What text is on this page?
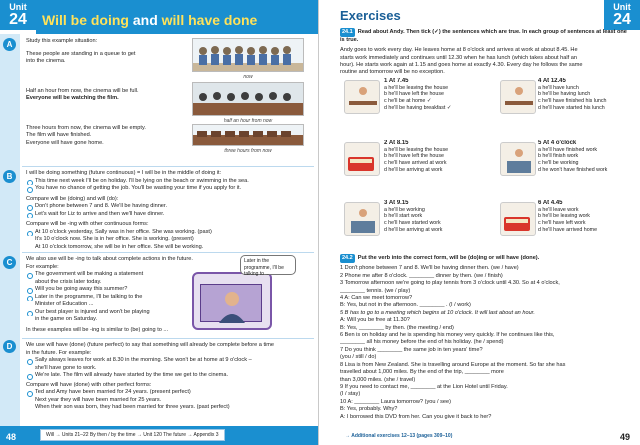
Will be doing and will have done
Unit
24
A
B
C
D
Study this example situation:
These people are standing in a queue to get
into the cinema.
Half an hour from now, the cinema will be full.
Everyone will be watching the film.
Three hours from now, the cinema will be empty.
The film will have finished.
Everyone will have gone home.
now
half an hour from now
three hours from now
I will be doing something (future continuous) = I will be in the middle of doing it:
This time next week I'll be on holiday. I'll be lying on the beach or swimming in the sea.
You have no chance of getting the job. You'll be wasting your time if you apply for it.
Compare will be (doing) and will (do):
Don't phone between 7 and 8. We'll be having dinner.
Let's wait for Liz to arrive and then we'll have dinner.
Compare will be -ing with other continuous forms:
At 10 o'clock yesterday, Sally was in her office. She was working. (past)
It's 10 o'clock now. She is in her office. She is working. (present)
At 10 o'clock tomorrow, she will be in her office. She will be working.
We also use will be -ing to talk about complete actions in the future.
For example:
The government will be making a statement
about the crisis later today.
Will you be going away this summer?
Later in the programme, I'll be talking to the
Minister of Education ...
Our best player is injured and won't be playing
in the game on Saturday.
In these examples will be -ing is similar to (be) going to ...
Later in the programme, I'll be talking to ...
We use will have (done) (future perfect) to say that something will already be complete before a time
in the future. For example:
Sally always leaves for work at 8.30 in the morning. She won't be at home at 9 o'clock –
she'll have gone to work.
We're late. The film will already have started by the time we get to the cinema.
Compare will have (done) with other perfect forms:
Ted and Amy have been married for 24 years. (present perfect)
Next year they will have been married for 25 years.
When their son was born, they had been married for three years. (past perfect)
48	Will → Units 21–22 By then / by the time → Unit 120 The future → Appendix 3
Exercises
Unit
24
24.1 Read about Andy. Then tick (✓) the sentences which are true. In each group of sentences at least one is true.
Andy goes to work every day. He leaves home at 8 o'clock and arrives at work at about 8.45. He
starts work immediately and continues until 12.30 when he has lunch (which takes about half an
hour). He starts work again at 1.15 and goes home at exactly 4.30. Every day he follows the same
routine and tomorrow will be no exception.
1 At 7.45
a he'll be leaving the house
b he'll have left the house
c he'll be at home ✓
d he'll be having breakfast ✓
4 At 12.45
a he'll have lunch
b he'll be having lunch
c he'll have finished his lunch
d he'll have started his lunch
2 At 8.15
a he'll be leaving the house
b he'll have left the house
c he'll have arrived at work
d he'll be arriving at work
5 At 4 o'clock
a he'll have finished work
b he'll finish work
c he'll be working
d he won't have finished work
3 At 9.15
a he'll be working
b he'll start work
c he'll have started work
d he'll be arriving at work
6 At 4.45
a he'll leave work
b he'll be leaving work
c he'll have left work
d he'll have arrived home
24.2 Put the verb into the correct form, will be (do)ing or will have (done).
1 Don't phone between 7 and 8. We'll be having dinner then. (we / have)
2 Phone me after 8 o'clock. ________ dinner by then. (we / finish)
3 Tomorrow afternoon we're going to play tennis from 3 o'clock until 4.30. So at 4 o'clock,
________ tennis. (we / play)
4 A: Can we meet tomorrow?
B: Yes, but not in the afternoon. ________ . (I / work)
5 B has to go to a meeting which begins at 10 o'clock. It will last about an hour.
A: Will you be free at 11.30?
B: Yes, ________ by then. (the meeting / end)
6 Ben is on holiday and he is spending his money very quickly. If he continues like this,
________ all his money before the end of his holiday. (he / spend)
7 Do you think ________ the same job in ten years' time?
(you / still / do)
8 Lisa is from New Zealand. She is travelling around Europe at the moment. So far she has
travelled about 1,000 miles. By the end of the trip, ________ more
than 3,000 miles. (she / travel)
9 If you need to contact me, ________ at the Lion Hotel until Friday.
(I / stay)
10 A: ________ Laura tomorrow? (you / see)
B: Yes, probably. Why?
A: I borrowed this DVD from her. Can you give it back to her?
→ Additional exercises 12–13 (pages 309–10)	49
